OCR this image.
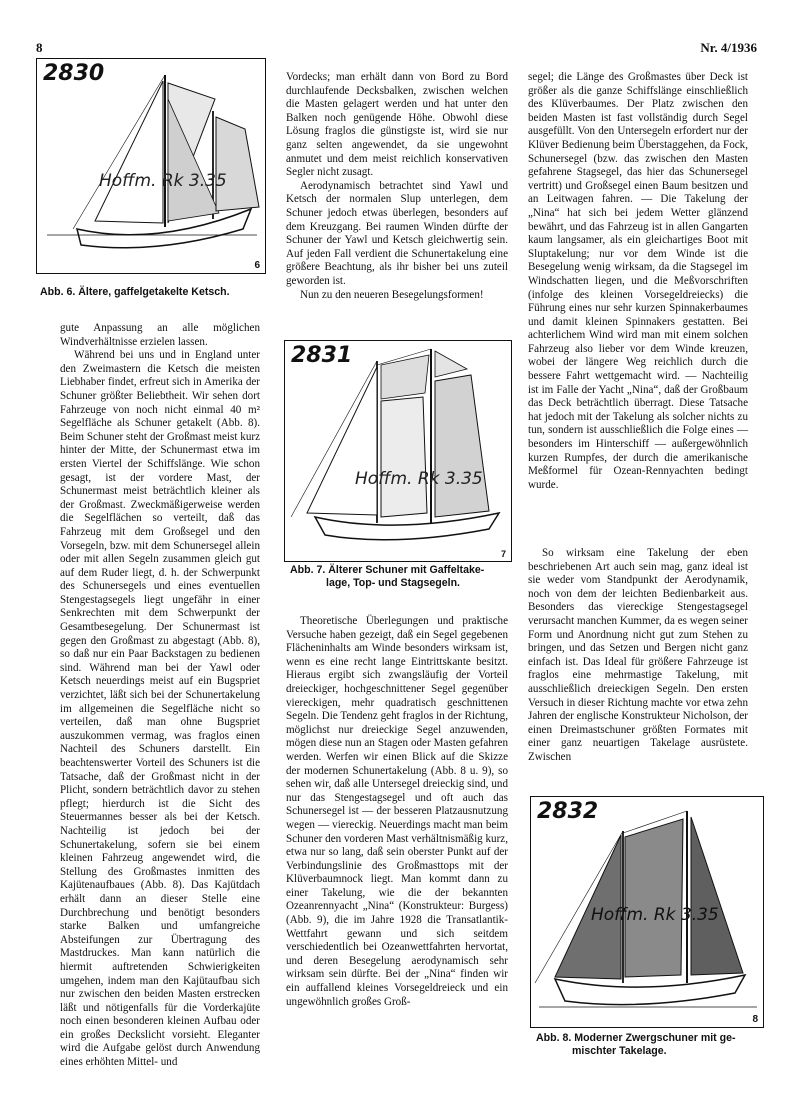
8	Nr. 4/1936
2830
Hoffm. Rk 3.35
6
Abb. 6. Ältere, gaffelgetakelte Ketsch.

gute Anpassung an alle möglichen Windverhältnisse erzielen lassen.

Während bei uns und in England unter den Zweimastern die Ketsch die meisten Liebhaber findet, erfreut sich in Amerika der Schuner größter Beliebtheit. Wir sehen dort Fahrzeuge von noch nicht einmal 40 m² Segelfläche als Schuner getakelt (Abb. 8). Beim Schuner steht der Großmast meist kurz hinter der Mitte, der Schunermast etwa im ersten Viertel der Schiffslänge. Wie schon gesagt, ist der vordere Mast, der Schunermast meist beträchtlich kleiner als der Großmast. Zweckmäßigerweise werden die Segelflächen so verteilt, daß das Fahrzeug mit dem Großsegel und den Vorsegeln, bzw. mit dem Schunersegel allein oder mit allen Segeln zusammen gleich gut auf dem Ruder liegt, d. h. der Schwerpunkt des Schunersegels und eines eventuellen Stengestagsegels liegt ungefähr in einer Senkrechten mit dem Schwerpunkt der Gesamtbesegelung. Der Schunermast ist gegen den Großmast zu abgestagt (Abb. 8), so daß nur ein Paar Backstagen zu bedienen sind. Während man bei der Yawl oder Ketsch neuerdings meist auf ein Bugspriet verzichtet, läßt sich bei der Schunertakelung im allgemeinen die Segelfläche nicht so verteilen, daß man ohne Bugspriet auszukommen vermag, was fraglos einen Nachteil des Schuners darstellt. Ein beachtenswerter Vorteil des Schuners ist die Tatsache, daß der Großmast nicht in der Plicht, sondern beträchtlich davor zu stehen pflegt; hierdurch ist die Sicht des Steuermannes besser als bei der Ketsch. Nachteilig ist jedoch bei der Schunertakelung, sofern sie bei einem kleinen Fahrzeug angewendet wird, die Stellung des Großmastes inmitten des Kajütenaufbaues (Abb. 8). Das Kajütdach erhält dann an dieser Stelle eine Durchbrechung und benötigt besonders starke Balken und umfangreiche Absteifungen zur Übertragung des Mastdruckes. Man kann natürlich die hiermit auftretenden Schwierigkeiten umgehen, indem man den Kajütaufbau sich nur zwischen den beiden Masten erstrecken läßt und nötigenfalls für die Vorderkajüte noch einen besonderen kleinen Aufbau oder ein großes Deckslicht vorsieht. Eleganter wird die Aufgabe gelöst durch Anwendung eines erhöhten Mittel- und

Vordecks; man erhält dann von Bord zu Bord durchlaufende Decksbalken, zwischen welchen die Masten gelagert werden und hat unter den Balken noch genügende Höhe. Obwohl diese Lösung fraglos die günstigste ist, wird sie nur ganz selten angewendet, da sie ungewohnt anmutet und dem meist reichlich konservativen Segler nicht zusagt.

Aerodynamisch betrachtet sind Yawl und Ketsch der normalen Slup unterlegen, dem Schuner jedoch etwas überlegen, besonders auf dem Kreuzgang. Bei raumen Winden dürfte der Schuner der Yawl und Ketsch gleichwertig sein. Auf jeden Fall verdient die Schunertakelung eine größere Beachtung, als ihr bisher bei uns zuteil geworden ist.

Nun zu den neueren Besegelungsformen!

2831
Hoffm. Rk 3.35
7
Abb. 7. Älterer Schuner mit Gaffeltake-
lage, Top- und Stagsegeln.

Theoretische Überlegungen und praktische Versuche haben gezeigt, daß ein Segel gegebenen Flächeninhalts am Winde besonders wirksam ist, wenn es eine recht lange Eintrittskante besitzt. Hieraus ergibt sich zwangsläufig der Vorteil dreieckiger, hochgeschnittener Segel gegenüber viereckigen, mehr quadratisch geschnittenen Segeln. Die Tendenz geht fraglos in der Richtung, möglichst nur dreieckige Segel anzuwenden, mögen diese nun an Stagen oder Masten gefahren werden. Werfen wir einen Blick auf die Skizze der modernen Schunertakelung (Abb. 8 u. 9), so sehen wir, daß alle Untersegel dreieckig sind, und nur das Stengestagsegel und oft auch das Schunersegel ist — der besseren Platzausnutzung wegen — viereckig. Neuerdings macht man beim Schuner den vorderen Mast verhältnismäßig kurz, etwa nur so lang, daß sein oberster Punkt auf der Verbindungslinie des Großmasttops mit der Klüverbaumnock liegt. Man kommt dann zu einer Takelung, wie die der bekannten Ozeanrennyacht „Nina“ (Konstrukteur: Burgess) (Abb. 9), die im Jahre 1928 die Transatlantik-Wettfahrt gewann und sich seitdem verschiedentlich bei Ozeanwettfahrten hervortat, und deren Besegelung aerodynamisch sehr wirksam sein dürfte. Bei der „Nina“ finden wir ein auffallend kleines Vorsegeldreieck und ein ungewöhnlich großes Groß-

segel; die Länge des Großmastes über Deck ist größer als die ganze Schiffslänge einschließlich des Klüverbaumes. Der Platz zwischen den beiden Masten ist fast vollständig durch Segel ausgefüllt. Von den Untersegeln erfordert nur der Klüver Bedienung beim Überstaggehen, da Fock, Schunersegel (bzw. das zwischen den Masten gefahrene Stagsegel, das hier das Schunersegel vertritt) und Großsegel einen Baum besitzen und an Leitwagen fahren. — Die Takelung der „Nina“ hat sich bei jedem Wetter glänzend bewährt, und das Fahrzeug ist in allen Gangarten kaum langsamer, als ein gleichartiges Boot mit Sluptakelung; nur vor dem Winde ist die Besegelung wenig wirksam, da die Stagsegel im Windschatten liegen, und die Meßvorschriften (infolge des kleinen Vorsegeldreiecks) die Führung eines nur sehr kurzen Spinnakerbaumes und damit kleinen Spinnakers gestatten. Bei achterlichem Wind wird man mit einem solchen Fahrzeug also lieber vor dem Winde kreuzen, wobei der längere Weg reichlich durch die bessere Fahrt wettgemacht wird. — Nachteilig ist im Falle der Yacht „Nina“, daß der Großbaum das Deck beträchtlich überragt. Diese Tatsache hat jedoch mit der Takelung als solcher nichts zu tun, sondern ist ausschließlich die Folge eines — besonders im Hinterschiff — außergewöhnlich kurzen Rumpfes, der durch die amerikanische Meßformel für Ozean-Rennyachten bedingt wurde.

So wirksam eine Takelung der eben beschriebenen Art auch sein mag, ganz ideal ist sie weder vom Standpunkt der Aerodynamik, noch von dem der leichten Bedienbarkeit aus. Besonders das viereckige Stengestagsegel verursacht manchen Kummer, da es wegen seiner Form und Anordnung nicht gut zum Stehen zu bringen, und das Setzen und Bergen nicht ganz einfach ist. Das Ideal für größere Fahrzeuge ist fraglos eine mehrmastige Takelung, mit ausschließlich dreieckigen Segeln. Den ersten Versuch in dieser Richtung machte vor etwa zehn Jahren der englische Konstrukteur Nicholson, der einen Dreimastschuner größten Formates mit einer ganz neuartigen Takelage ausrüstete. Zwischen

2832
Hoffm. Rk 3.35
8
Abb. 8. Moderner Zwergschuner mit ge-
mischter Takelage.
